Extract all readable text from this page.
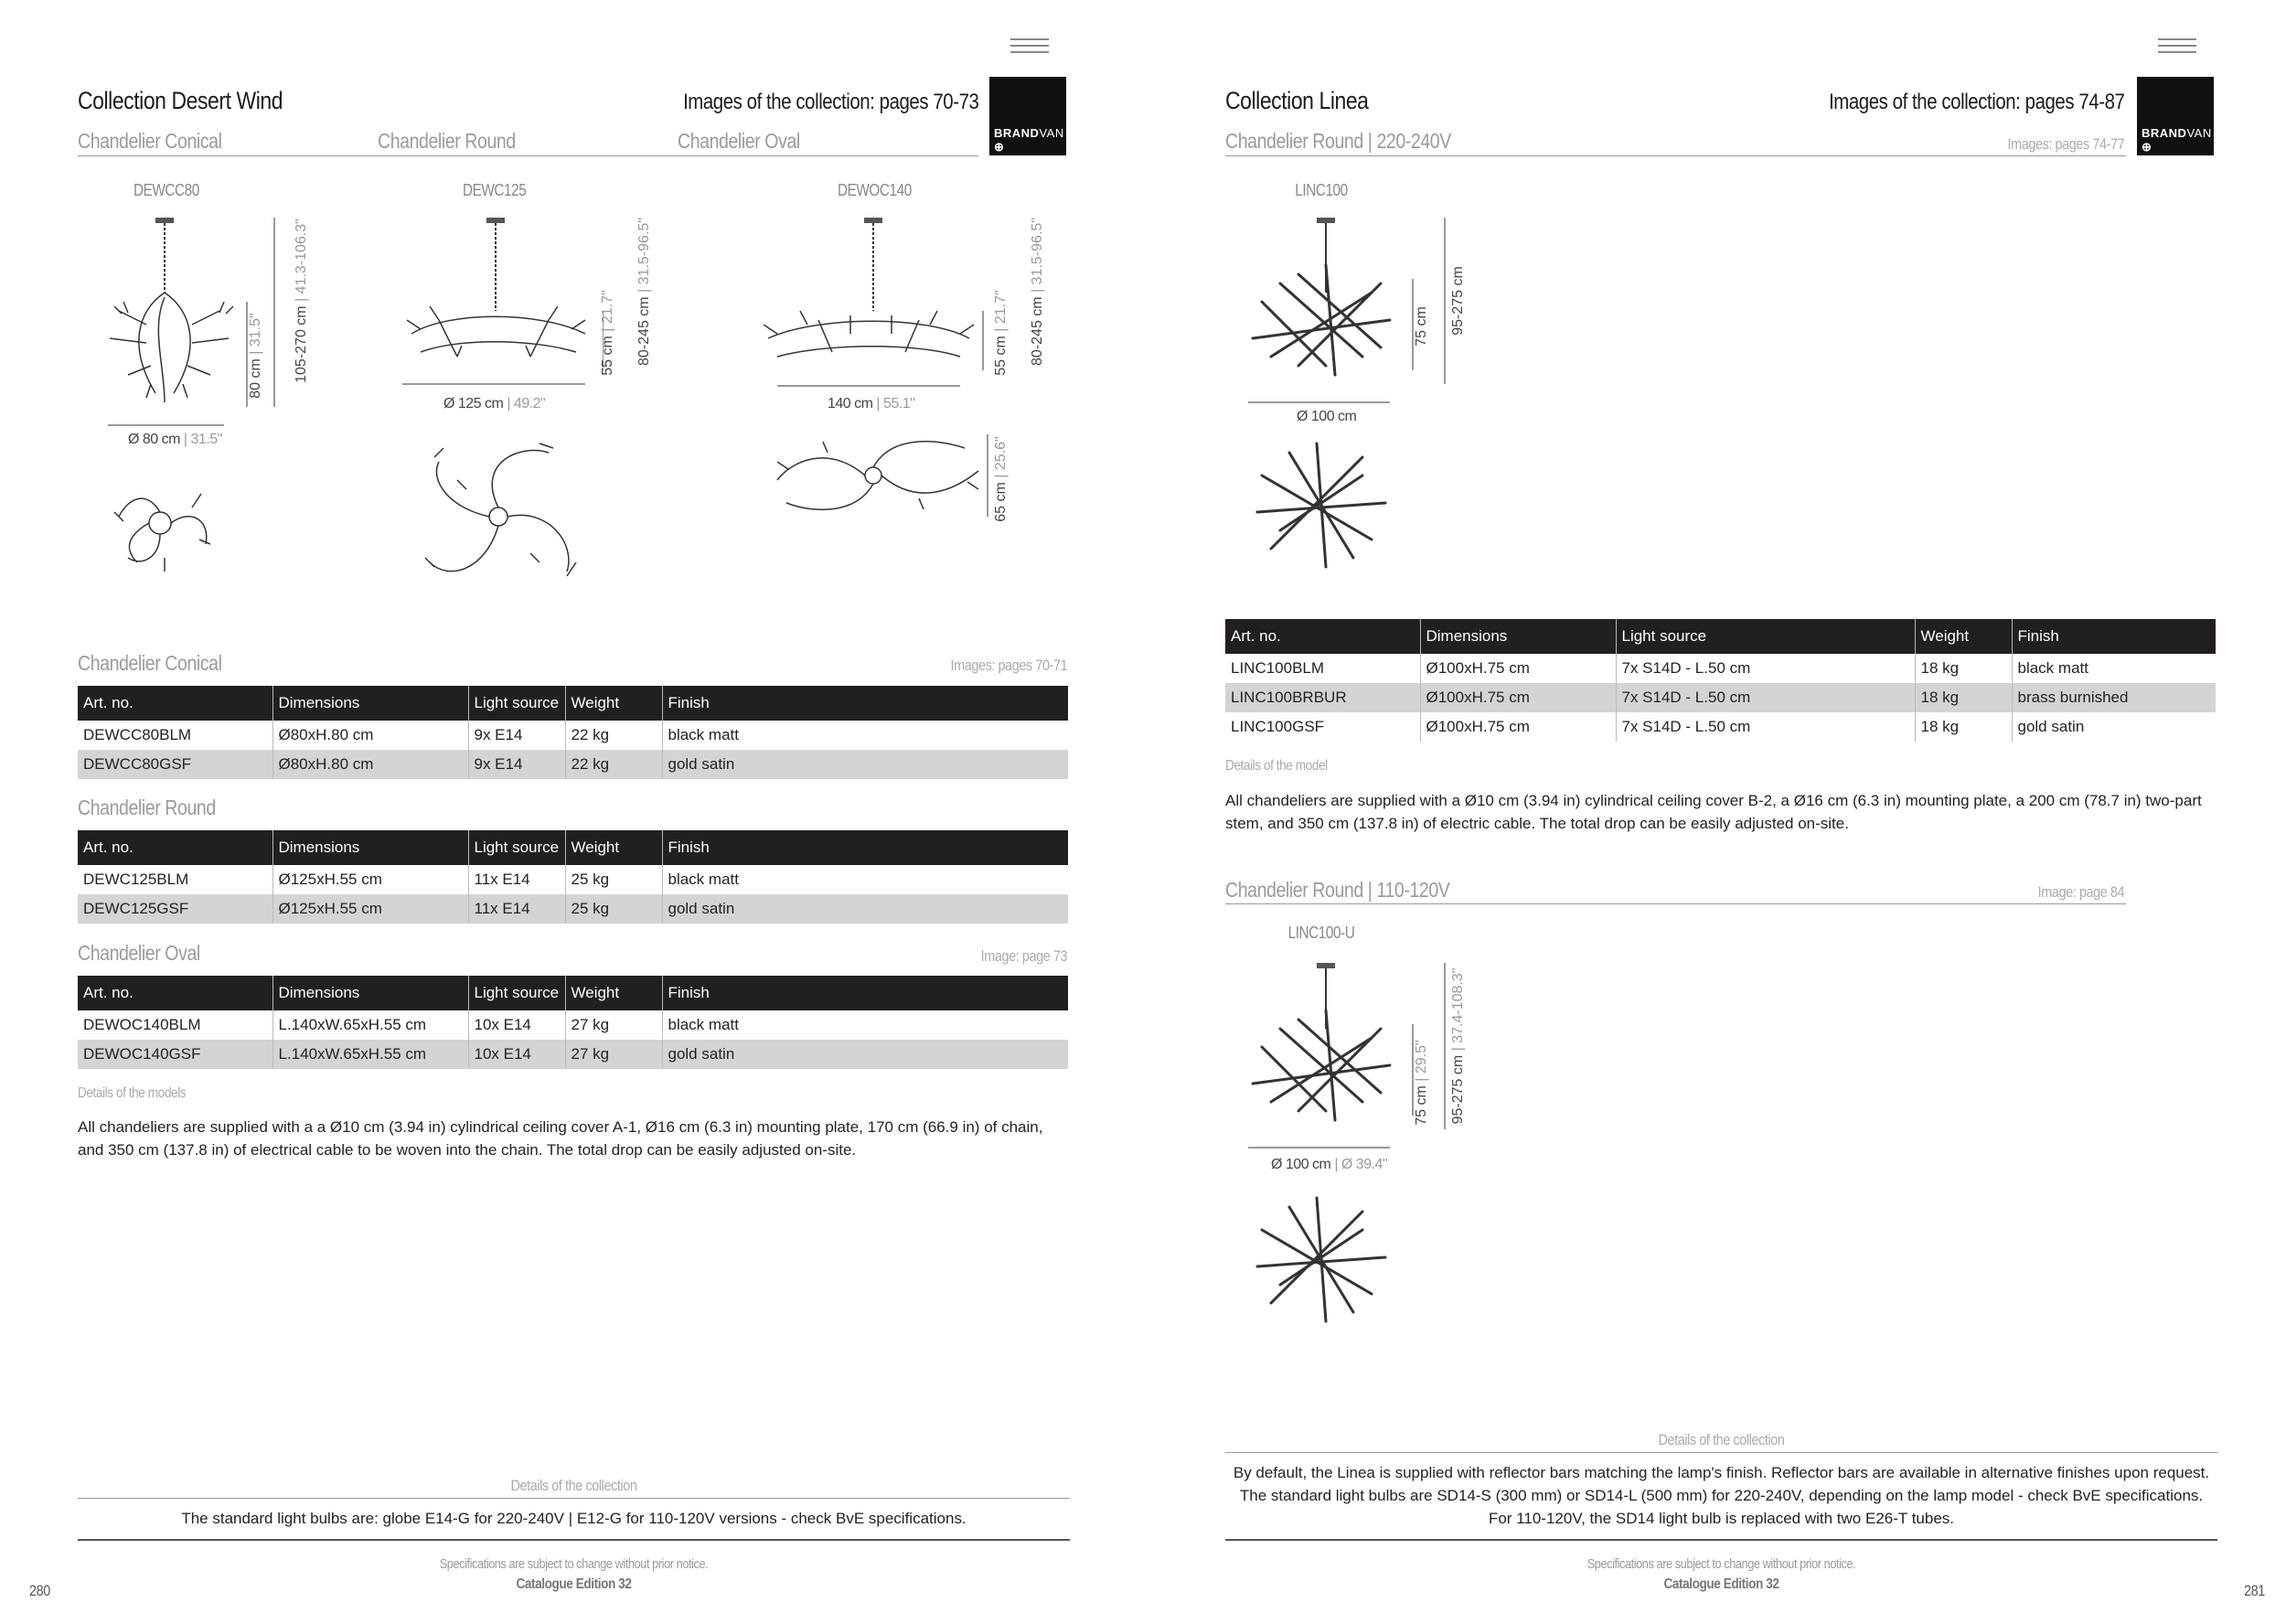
Collection Desert Wind	Images of the collection: pages 70-73
BRANDVAN
⊕ EGMOND
Chandelier Conical	Chandelier Round	Chandelier Oval
DEWCC80	DEWC125	DEWOC140
80 cm | 31.5" 105-270 cm | 41.3-106.3"
Ø 80 cm | 31.5"
55 cm | 21.7" 80-245 cm | 31.5-96.5"
Ø 125 cm | 49.2"
55 cm | 21.7" 80-245 cm | 31.5-96.5"
140 cm | 55.1"
65 cm | 25.6"
Chandelier Conical	Images: pages 70-71
Art. no.	Dimensions	Light source	Weight	Finish
DEWCC80BLM	Ø80xH.80 cm	9x E14	22 kg	black matt
DEWCC80GSF	Ø80xH.80 cm	9x E14	22 kg	gold satin
Chandelier Round
Art. no.	Dimensions	Light source	Weight	Finish
DEWC125BLM	Ø125xH.55 cm	11x E14	25 kg	black matt
DEWC125GSF	Ø125xH.55 cm	11x E14	25 kg	gold satin
Chandelier Oval	Image: page 73
Art. no.	Dimensions	Light source	Weight	Finish
DEWOC140BLM	L.140xW.65xH.55 cm	10x E14	27 kg	black matt
DEWOC140GSF	L.140xW.65xH.55 cm	10x E14	27 kg	gold satin
Details of the models
All chandeliers are supplied with a a Ø10 cm (3.94 in) cylindrical ceiling cover A-1, Ø16 cm (6.3 in) mounting plate, 170 cm (66.9 in) of chain, and 350 cm (137.8 in) of electrical cable to be woven into the chain. The total drop can be easily adjusted on-site.
Details of the collection
The standard light bulbs are: globe E14-G for 220-240V | E12-G for 110-120V versions - check BvE specifications.
Specifications are subject to change without prior notice.
Catalogue Edition 32
280
Collection Linea	Images of the collection: pages 74-87
BRANDVAN
⊕ EGMOND
Chandelier Round | 220-240V	Images: pages 74-77
LINC100
75 cm 95-275 cm
Ø 100 cm
Art. no.	Dimensions	Light source	Weight	Finish
LINC100BLM	Ø100xH.75 cm	7x S14D - L.50 cm	18 kg	black matt
LINC100BRBUR	Ø100xH.75 cm	7x S14D - L.50 cm	18 kg	brass burnished
LINC100GSF	Ø100xH.75 cm	7x S14D - L.50 cm	18 kg	gold satin
Details of the model
All chandeliers are supplied with a Ø10 cm (3.94 in) cylindrical ceiling cover B-2, a Ø16 cm (6.3 in) mounting plate, a 200 cm (78.7 in) two-part stem, and 350 cm (137.8 in) of electric cable. The total drop can be easily adjusted on-site.
Chandelier Round | 110-120V	Image: page 84
LINC100-U
75 cm | 29.5" 95-275 cm | 37.4-108.3"
Ø 100 cm | Ø 39.4"
Details of the collection
By default, the Linea is supplied with reflector bars matching the lamp's finish. Reflector bars are available in alternative finishes upon request.
The standard light bulbs are SD14-S (300 mm) or SD14-L (500 mm) for 220-240V, depending on the lamp model - check BvE specifications.
For 110-120V, the SD14 light bulb is replaced with two E26-T tubes.
Specifications are subject to change without prior notice.
Catalogue Edition 32	281
